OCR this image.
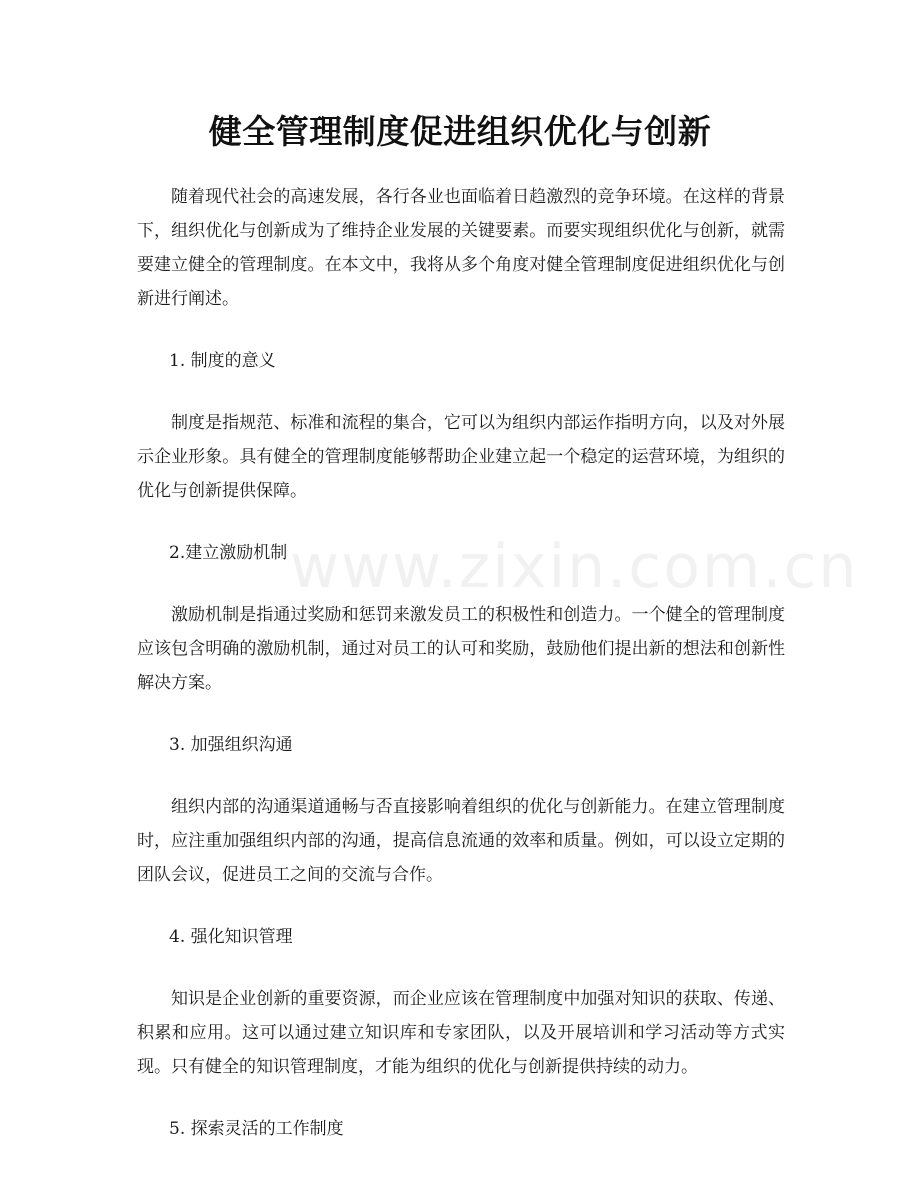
www.zixin.com.cn
健全管理制度促进组织优化与创新

随着现代社会的高速发展，各行各业也面临着日趋激烈的竞争环境。在这样的背景下，组织优化与创新成为了维持企业发展的关键要素。而要实现组织优化与创新，就需要建立健全的管理制度。在本文中，我将从多个角度对健全管理制度促进组织优化与创新进行阐述。

1. 制度的意义

制度是指规范、标准和流程的集合，它可以为组织内部运作指明方向，以及对外展示企业形象。具有健全的管理制度能够帮助企业建立起一个稳定的运营环境，为组织的优化与创新提供保障。

2.建立激励机制

激励机制是指通过奖励和惩罚来激发员工的积极性和创造力。一个健全的管理制度应该包含明确的激励机制，通过对员工的认可和奖励，鼓励他们提出新的想法和创新性解决方案。

3. 加强组织沟通

组织内部的沟通渠道通畅与否直接影响着组织的优化与创新能力。在建立管理制度时，应注重加强组织内部的沟通，提高信息流通的效率和质量。例如，可以设立定期的团队会议，促进员工之间的交流与合作。

4. 强化知识管理

知识是企业创新的重要资源，而企业应该在管理制度中加强对知识的获取、传递、积累和应用。这可以通过建立知识库和专家团队，以及开展培训和学习活动等方式实现。只有健全的知识管理制度，才能为组织的优化与创新提供持续的动力。

5. 探索灵活的工作制度
